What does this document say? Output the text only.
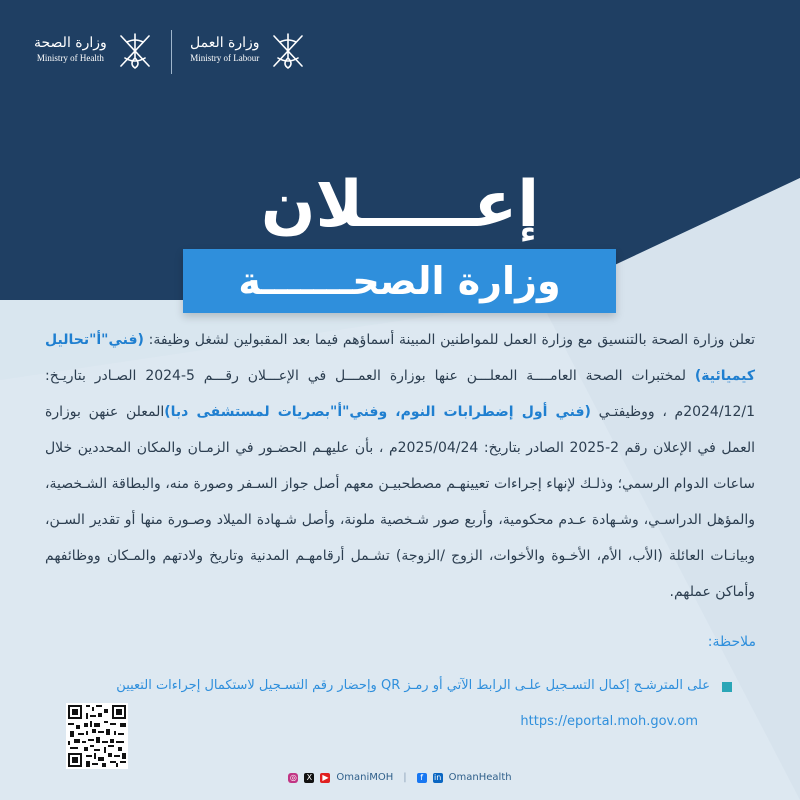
وزارة العمل
Ministry of Labour
وزارة الصحة
Ministry of Health
إعـــــلان
وزارة الصحـــــــة
تعلن وزارة الصحة بالتنسيق مع وزارة العمل للمواطنين المبينة أسماؤهم فيما بعد المقبولين لشغل وظيفة: (فني"أ"تحاليل كيميائية) لمختبرات الصحة العامــــة المعلـــن عنها بوزارة العمـــل في الإعـــلان رقـــم 5-2024 الصـادر بتاريـخ: 2024/12/1م ، ووظيفتـي (فني أول إضطرابات النوم، وفني"أ"بصريات لمستشفى دبا)المعلن عنهن بوزارة العمل في الإعلان رقم 2-2025 الصادر بتاريخ: 2025/04/24م ، بأن عليهـم الحضـور في الزمـان والمكان المحددين خلال ساعات الدوام الرسمي؛ وذلـك لإنهاء إجراءات تعيينهـم مصطحبيـن معهم أصل جواز السـفر وصورة منه، والبطاقة الشـخصية، والمؤهل الدراسـي، وشـهادة عـدم محكومية، وأربع صور شـخصية ملونة، وأصل شـهادة الميلاد وصـورة منها أو تقدير السـن، وبيانـات العائلة (الأب، الأم، الأخـوة والأخوات، الزوج /الزوجة) تشـمل أرقامهـم المدنية وتاريخ ولادتهم والمـكان ووظائفهم وأماكن عملهم.
ملاحظة:
على المترشـح إكمال التسـجيل علـى الرابط الآتي أو رمـز QR وإحضار رقم التسـجيل لاستكمال إجراءات التعيين https://eportal.moh.gov.om
◎ X ▶ OmaniMOH |	f	in OmanHealth
